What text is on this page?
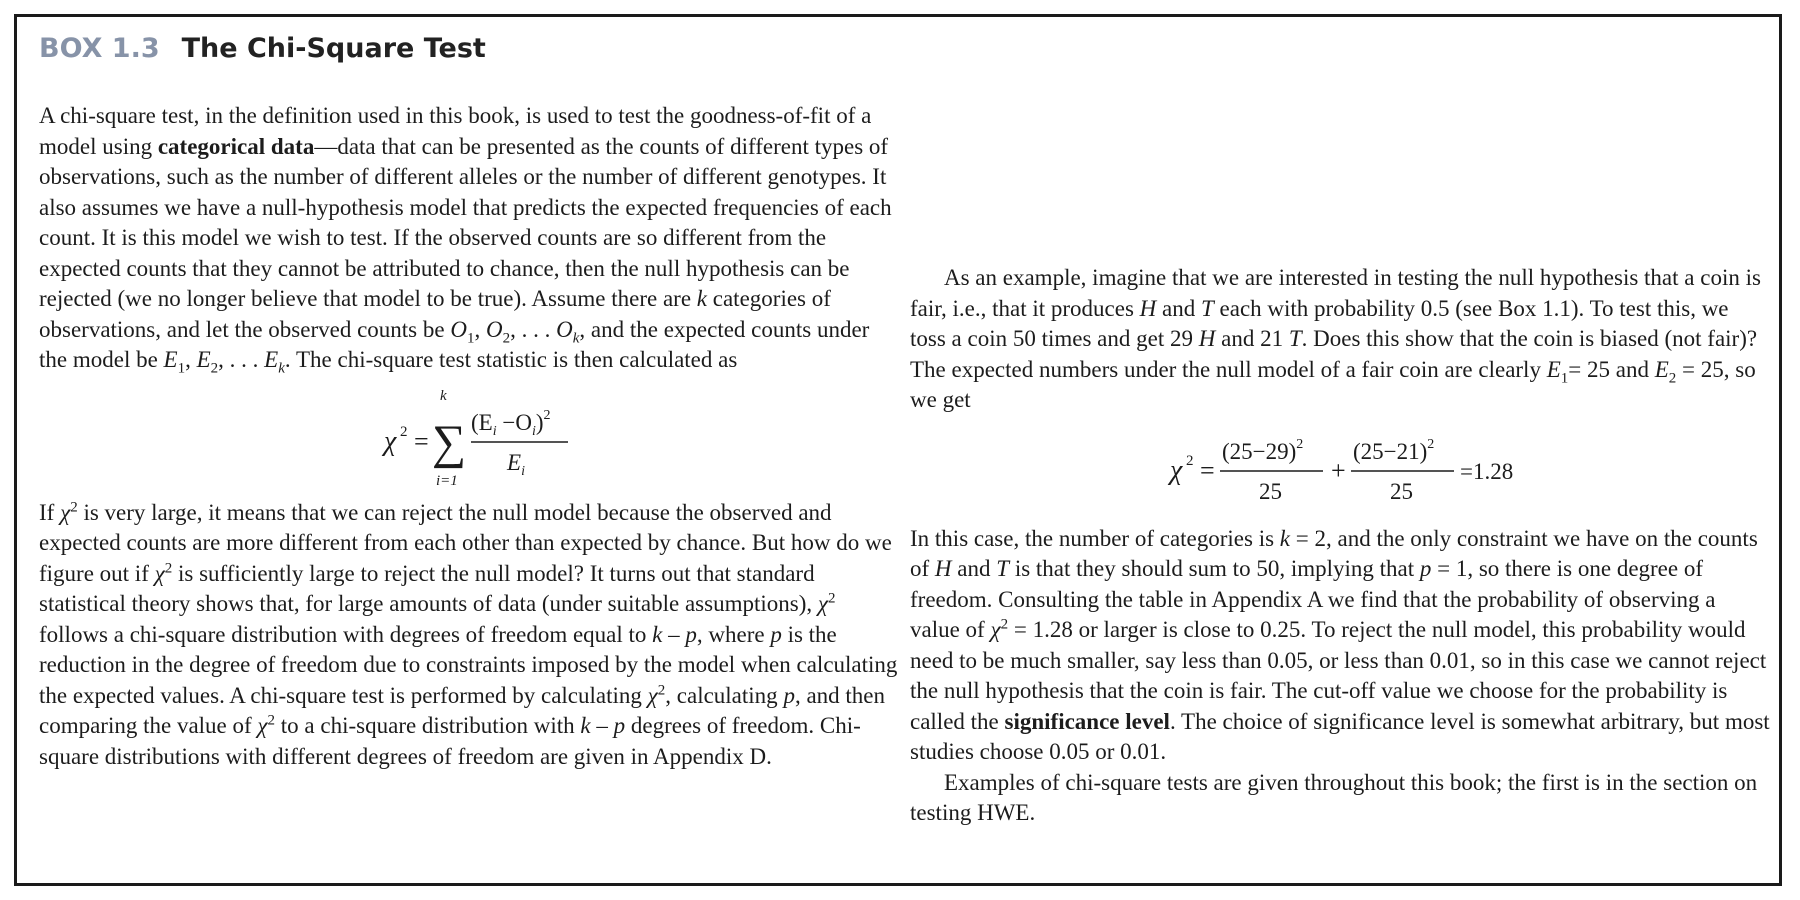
BOX 1.3 The Chi-Square Test

A chi-square test, in the definition used in this book, is used to test the goodness-of-fit of a model using categorical data—data that can be presented as the counts of different types of observations, such as the number of different alleles or the number of different genotypes. It also assumes we have a null-hypothesis model that predicts the expected frequencies of each count. It is this model we wish to test. If the observed counts are so different from the expected counts that they cannot be attributed to chance, then the null hypothesis can be rejected (we no longer believe that model to be true). Assume there are k categories of observations, and let the observed counts be $O_1$, $O_2$, . . . $O_k$, and the expected counts under the model be $E_1$, $E_2$, . . . $E_k$. The chi-square test statistic is then calculated as

χ 2 =
k
∑
i=1
$(E_i -O_i)^2$
$E_i$

If $\chi^2$ is very large, it means that we can reject the null model because the observed and expected counts are more different from each other than expected by chance. But how do we figure out if $\chi^2$ is sufficiently large to reject the null model? It turns out that standard statistical theory shows that, for large amounts of data (under suitable assumptions), $\chi^2$ follows a chi-square distribution with degrees of freedom equal to k – p, where p is the reduction in the degree of freedom due to constraints imposed by the model when calculating the expected values. A chi-square test is performed by calculating $\chi^2$, calculating p, and then comparing the value of $\chi^2$ to a chi-square distribution with k – p degrees of freedom. Chi-square distributions with different degrees of freedom are given in Appendix D.

As an example, imagine that we are interested in testing the null hypothesis that a coin is fair, i.e., that it produces H and T each with probability 0.5 (see Box 1.1). To test this, we toss a coin 50 times and get 29 H and 21 T. Does this show that the coin is biased (not fair)? The expected numbers under the null model of a fair coin are clearly $E_1= 25$ and $E_2 = 25$, so we get

χ 2 =
$(25-29)^2$
25
+
$(25-21)^2$
25
=1.28

In this case, the number of categories is k = 2, and the only constraint we have on the counts of H and T is that they should sum to 50, implying that p = 1, so there is one degree of freedom. Consulting the table in Appendix A we find that the probability of observing a value of $\chi^2 = 1.28$ or larger is close to 0.25. To reject the null model, this probability would need to be much smaller, say less than 0.05, or less than 0.01, so in this case we cannot reject the null hypothesis that the coin is fair. The cut-off value we choose for the probability is called the significance level. The choice of significance level is somewhat arbitrary, but most studies choose 0.05 or 0.01.

Examples of chi-square tests are given throughout this book; the first is in the section on testing HWE.
